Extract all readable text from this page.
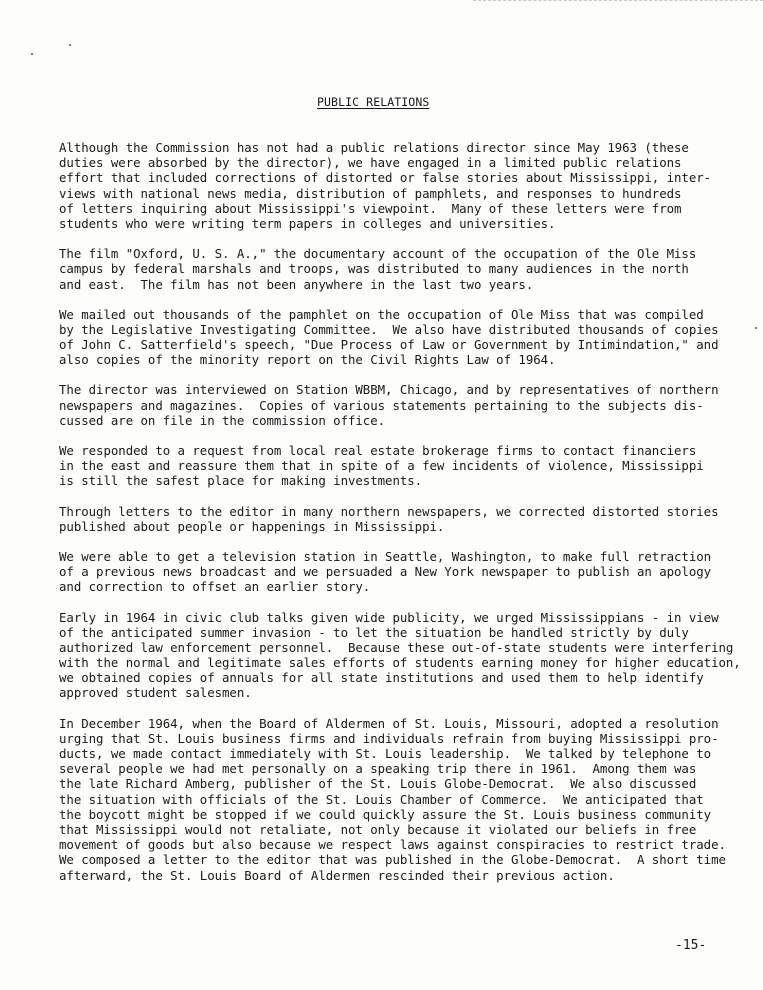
PUBLIC RELATIONS
Although the Commission has not had a public relations director since May 1963 (these
duties were absorbed by the director), we have engaged in a limited public relations
effort that included corrections of distorted or false stories about Mississippi, inter-
views with national news media, distribution of pamphlets, and responses to hundreds
of letters inquiring about Mississippi's viewpoint.  Many of these letters were from
students who were writing term papers in colleges and universities.
The film "Oxford, U. S. A.," the documentary account of the occupation of the Ole Miss
campus by federal marshals and troops, was distributed to many audiences in the north
and east.  The film has not been anywhere in the last two years.
We mailed out thousands of the pamphlet on the occupation of Ole Miss that was compiled
by the Legislative Investigating Committee.  We also have distributed thousands of copies
of John C. Satterfield's speech, "Due Process of Law or Government by Intimindation," and
also copies of the minority report on the Civil Rights Law of 1964.
The director was interviewed on Station WBBM, Chicago, and by representatives of northern
newspapers and magazines.  Copies of various statements pertaining to the subjects dis-
cussed are on file in the commission office.
We responded to a request from local real estate brokerage firms to contact financiers
in the east and reassure them that in spite of a few incidents of violence, Mississippi
is still the safest place for making investments.
Through letters to the editor in many northern newspapers, we corrected distorted stories
published about people or happenings in Mississippi.
We were able to get a television station in Seattle, Washington, to make full retraction
of a previous news broadcast and we persuaded a New York newspaper to publish an apology
and correction to offset an earlier story.
Early in 1964 in civic club talks given wide publicity, we urged Mississippians - in view
of the anticipated summer invasion - to let the situation be handled strictly by duly
authorized law enforcement personnel.  Because these out-of-state students were interfering
with the normal and legitimate sales efforts of students earning money for higher education,
we obtained copies of annuals for all state institutions and used them to help identify
approved student salesmen.
In December 1964, when the Board of Aldermen of St. Louis, Missouri, adopted a resolution
urging that St. Louis business firms and individuals refrain from buying Mississippi pro-
ducts, we made contact immediately with St. Louis leadership.  We talked by telephone to
several people we had met personally on a speaking trip there in 1961.  Among them was
the late Richard Amberg, publisher of the St. Louis Globe-Democrat.  We also discussed
the situation with officials of the St. Louis Chamber of Commerce.  We anticipated that
the boycott might be stopped if we could quickly assure the St. Louis business community
that Mississippi would not retaliate, not only because it violated our beliefs in free
movement of goods but also because we respect laws against conspiracies to restrict trade.
We composed a letter to the editor that was published in the Globe-Democrat.  A short time
afterward, the St. Louis Board of Aldermen rescinded their previous action.
-15-
